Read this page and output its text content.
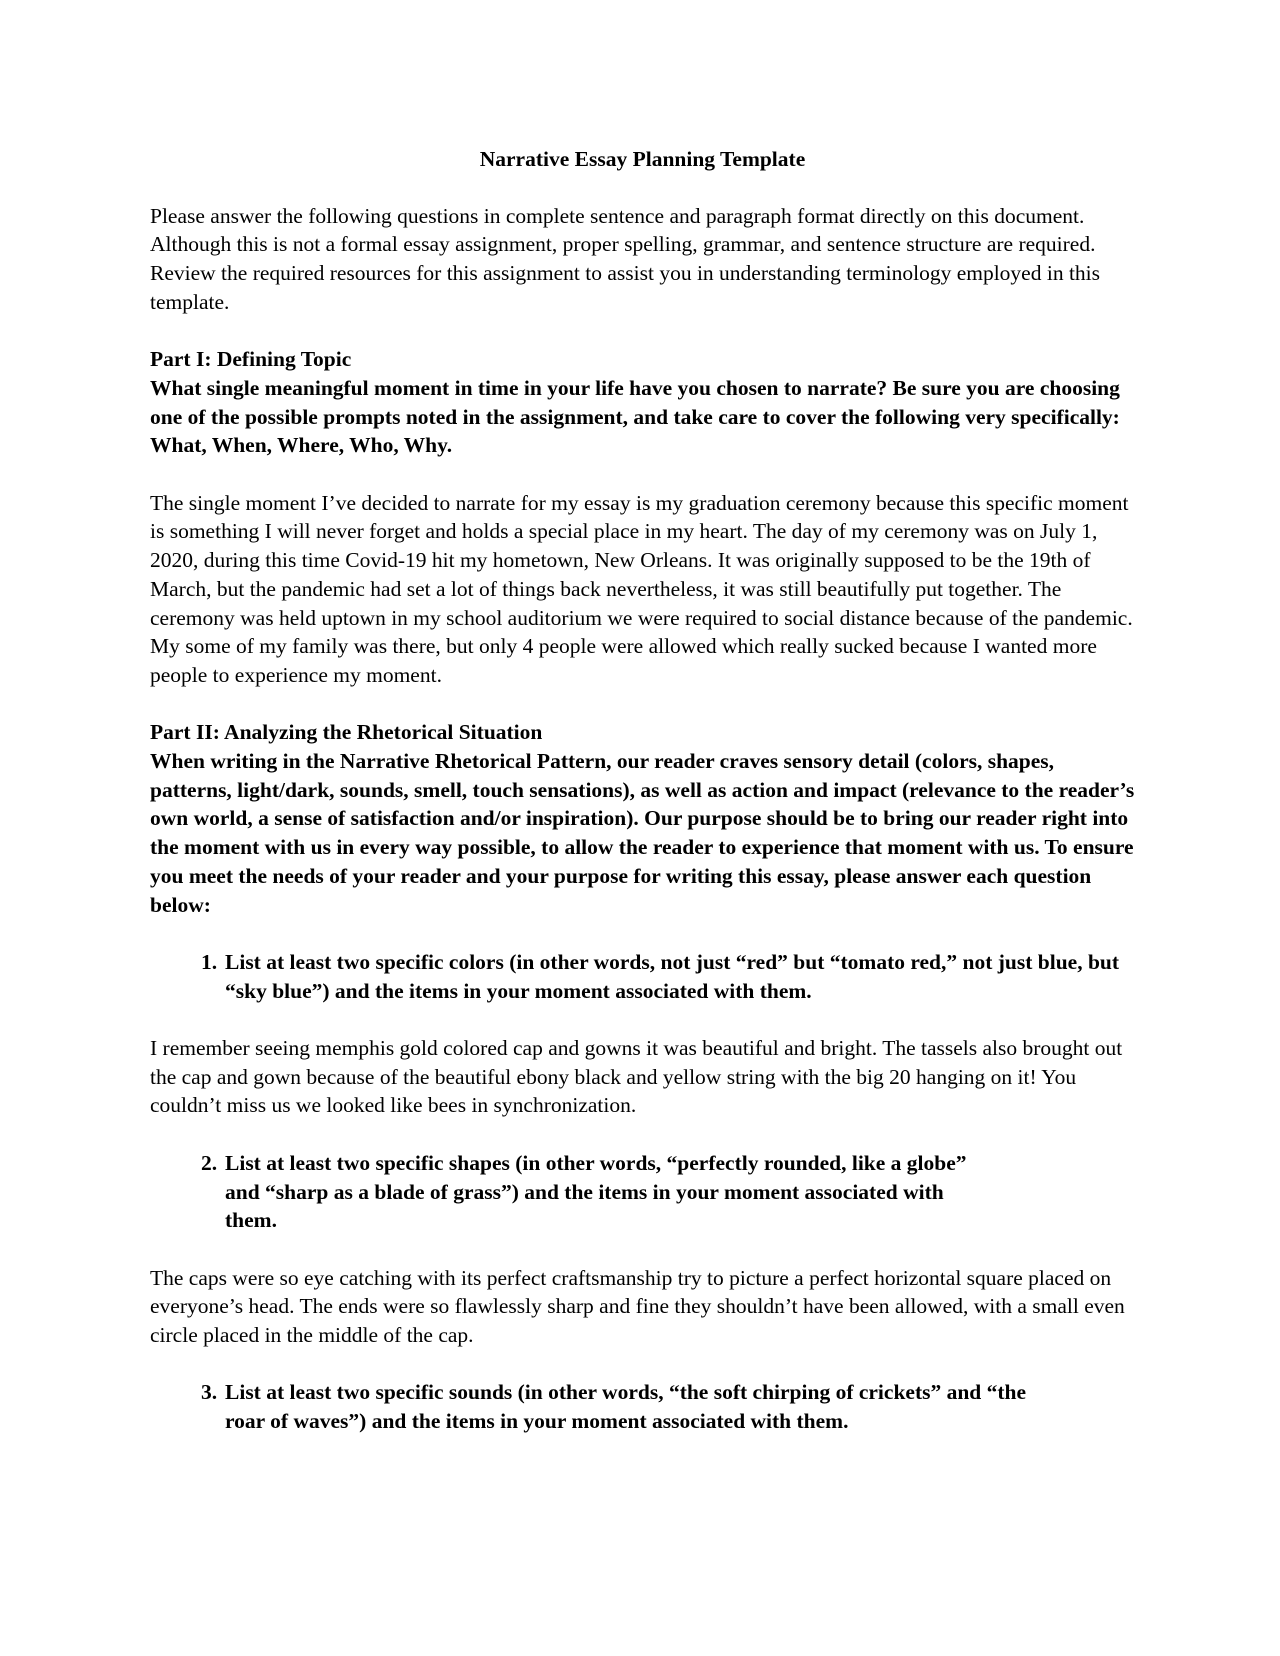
Narrative Essay Planning Template

Please answer the following questions in complete sentence and paragraph format directly on this document. Although this is not a formal essay assignment, proper spelling, grammar, and sentence structure are required. Review the required resources for this assignment to assist you in understanding terminology employed in this template.

Part I: Defining Topic
What single meaningful moment in time in your life have you chosen to narrate? Be sure you are choosing one of the possible prompts noted in the assignment, and take care to cover the following very specifically: What, When, Where, Who, Why.

The single moment I’ve decided to narrate for my essay is my graduation ceremony because this specific moment is something I will never forget and holds a special place in my heart. The day of my ceremony was on July 1, 2020, during this time Covid-19 hit my hometown, New Orleans. It was originally supposed to be the 19th of March, but the pandemic had set a lot of things back nevertheless, it was still beautifully put together. The ceremony was held uptown in my school auditorium we were required to social distance because of the pandemic. My some of my family was there, but only 4 people were allowed which really sucked because I wanted more people to experience my moment.

Part II: Analyzing the Rhetorical Situation
When writing in the Narrative Rhetorical Pattern, our reader craves sensory detail (colors, shapes, patterns, light/dark, sounds, smell, touch sensations), as well as action and impact (relevance to the reader’s own world, a sense of satisfaction and/or inspiration). Our purpose should be to bring our reader right into the moment with us in every way possible, to allow the reader to experience that moment with us. To ensure you meet the needs of your reader and your purpose for writing this essay, please answer each question below:
1. List at least two specific colors (in other words, not just “red” but “tomato red,” not just blue, but “sky blue”) and the items in your moment associated with them.

I remember seeing memphis gold colored cap and gowns it was beautiful and bright. The tassels also brought out the cap and gown because of the beautiful ebony black and yellow string with the big 20 hanging on it! You couldn’t miss us we looked like bees in synchronization.

2. List at least two specific shapes (in other words, “perfectly rounded, like a globe” and “sharp as a blade of grass”) and the items in your moment associated with them.

The caps were so eye catching with its perfect craftsmanship try to picture a perfect horizontal square placed on everyone’s head. The ends were so flawlessly sharp and fine they shouldn’t have been allowed, with a small even circle placed in the middle of the cap.

3. List at least two specific sounds (in other words, “the soft chirping of crickets” and “the roar of waves”) and the items in your moment associated with them.
